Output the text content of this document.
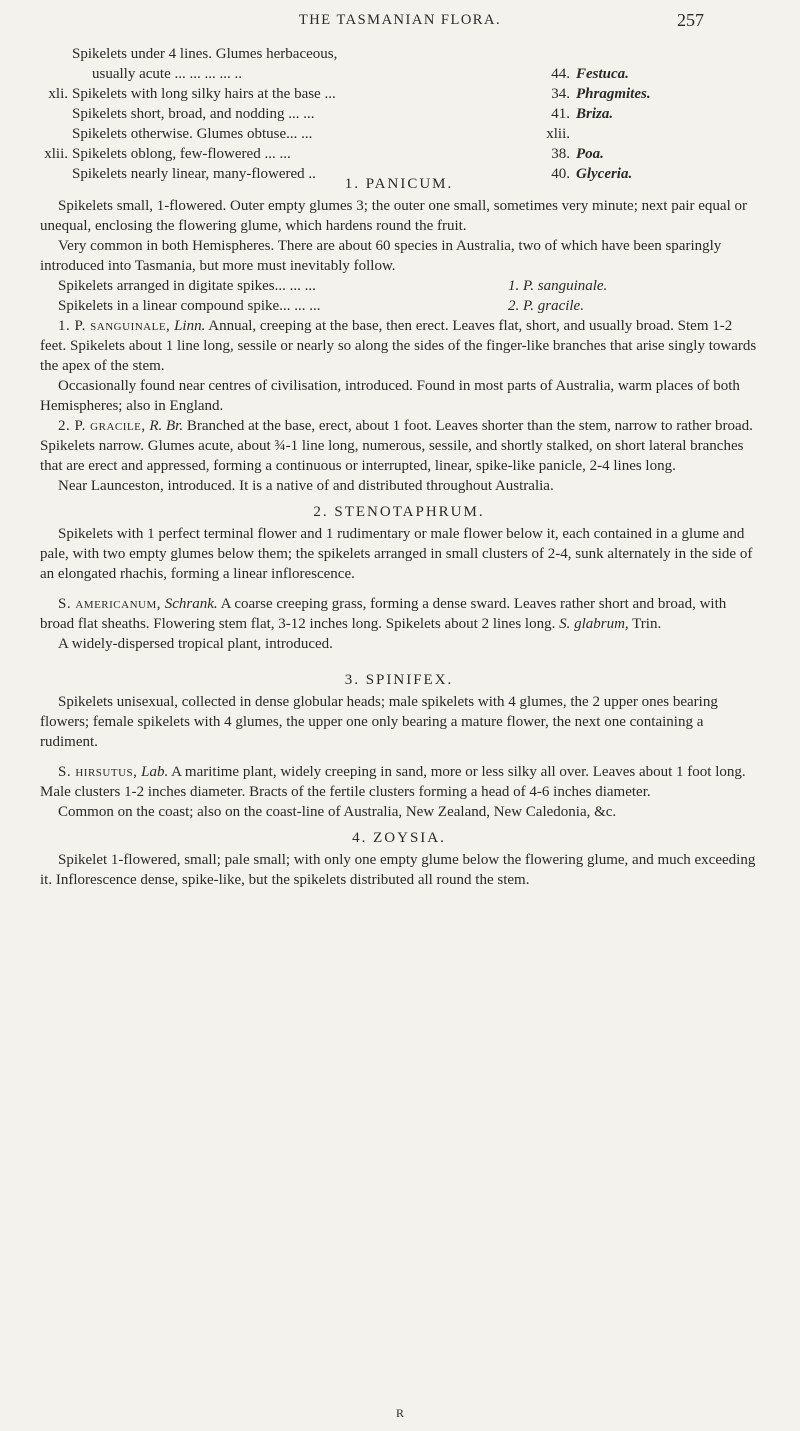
THE TASMANIAN FLORA.	257
Spikelets under 4 lines. Glumes herbaceous,
usually acute ... ... ... ... ..	44. Festuca.
xli. Spikelets with long silky hairs at the base ...	34. Phragmites.
Spikelets short, broad, and nodding ... ...	41. Briza.
Spikelets otherwise. Glumes obtuse... ...	xlii.
xlii. Spikelets oblong, few-flowered ... ...	38. Poa.
Spikelets nearly linear, many-flowered ..	40. Glyceria.
1. PANICUM.

Spikelets small, 1-flowered. Outer empty glumes 3; the outer one small, sometimes very minute; next pair equal or unequal, enclosing the flowering glume, which hardens round the fruit.

Very common in both Hemispheres. There are about 60 species in Australia, two of which have been sparingly introduced into Tasmania, but more must inevitably follow.

Spikelets arranged in digitate spikes... ... ...	1. P. sanguinale.
Spikelets in a linear compound spike... ... ...	2. P. gracile.

1. P. sanguinale, Linn. Annual, creeping at the base, then erect. Leaves flat, short, and usually broad. Stem 1-2 feet. Spikelets about 1 line long, sessile or nearly so along the sides of the finger-like branches that arise singly towards the apex of the stem.

Occasionally found near centres of civilisation, introduced. Found in most parts of Australia, warm places of both Hemispheres; also in England.

2. P. gracile, R. Br. Branched at the base, erect, about 1 foot. Leaves shorter than the stem, narrow to rather broad. Spikelets narrow. Glumes acute, about ¾-1 line long, numerous, sessile, and shortly stalked, on short lateral branches that are erect and appressed, forming a continuous or interrupted, linear, spike-like panicle, 2-4 lines long.

Near Launceston, introduced. It is a native of and distributed throughout Australia.

2. STENOTAPHRUM.

Spikelets with 1 perfect terminal flower and 1 rudimentary or male flower below it, each contained in a glume and pale, with two empty glumes below them; the spikelets arranged in small clusters of 2-4, sunk alternately in the side of an elongated rhachis, forming a linear inflorescence.

S. americanum, Schrank. A coarse creeping grass, forming a dense sward. Leaves rather short and broad, with broad flat sheaths. Flowering stem flat, 3-12 inches long. Spikelets about 2 lines long. S. glabrum, Trin.

A widely-dispersed tropical plant, introduced.

3. SPINIFEX.

Spikelets unisexual, collected in dense globular heads; male spikelets with 4 glumes, the 2 upper ones bearing flowers; female spikelets with 4 glumes, the upper one only bearing a mature flower, the next one containing a rudiment.

S. hirsutus, Lab. A maritime plant, widely creeping in sand, more or less silky all over. Leaves about 1 foot long. Male clusters 1-2 inches diameter. Bracts of the fertile clusters forming a head of 4-6 inches diameter.

Common on the coast; also on the coast-line of Australia, New Zealand, New Caledonia, &c.

4. ZOYSIA.

Spikelet 1-flowered, small; pale small; with only one empty glume below the flowering glume, and much exceeding it. Inflorescence dense, spike-like, but the spikelets distributed all round the stem.

R
